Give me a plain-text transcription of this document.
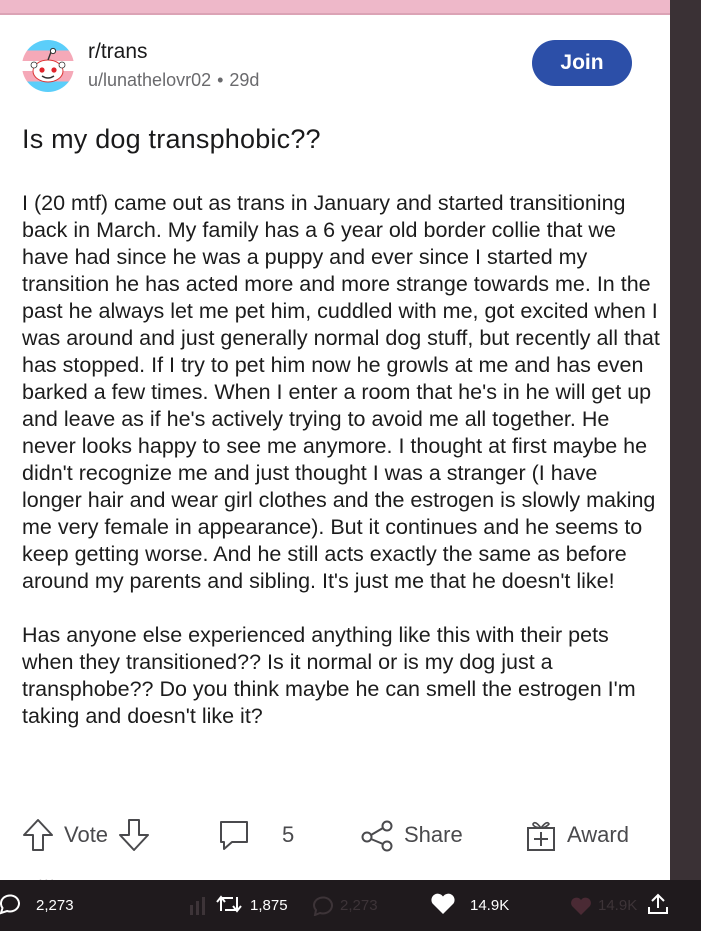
r/trans
u/lunathelovr02 • 29d
Join
Is my dog transphobic??

I (20 mtf) came out as trans in January and started transitioning back in March. My family has a 6 year old border collie that we have had since he was a puppy and ever since I started my transition he has acted more and more strange towards me. In the past he always let me pet him, cuddled with me, got excited when I was around and just generally normal dog stuff, but recently all that has stopped. If I try to pet him now he growls at me and has even barked a few times. When I enter a room that he's in he will get up and leave as if he's actively trying to avoid me all together. He never looks happy to see me anymore. I thought at first maybe he didn't recognize me and just thought I was a stranger (I have longer hair and wear girl clothes and the estrogen is slowly making me very female in appearance). But it continues and he seems to keep getting worse. And he still acts exactly the same as before around my parents and sibling. It's just me that he doesn't like!

Has anyone else experienced anything like this with their pets when they transitioned?? Is it normal or is my dog just a transphobe?? Do you think maybe he can smell the estrogen I'm taking and doesn't like it?

Vote	5	Share	Award
2,273	14.9K
2,273	1,875	14.9K
